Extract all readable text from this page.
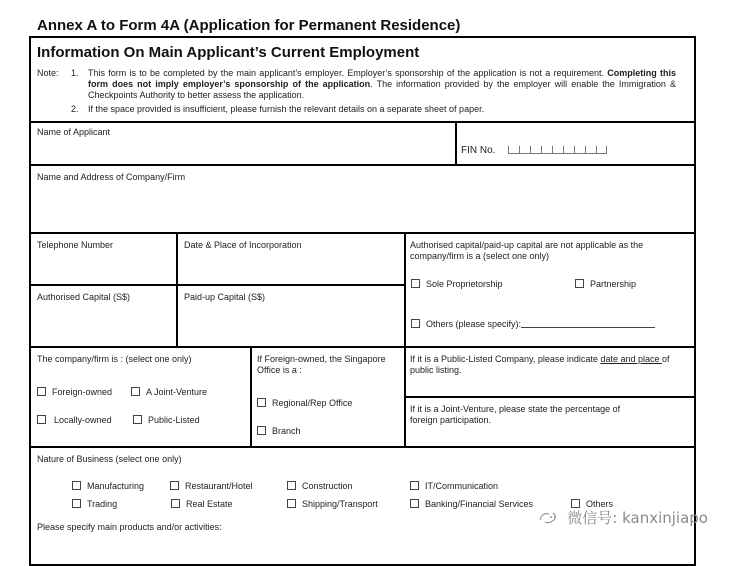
Annex A to Form 4A (Application for Permanent Residence)
Information On Main Applicant’s Current Employment
Note: 1. This form is to be completed by the main applicant’s employer. Employer’s sponsorship of the application is not a requirement. Completing this form does not imply employer’s sponsorship of the application. The information provided by the employer will enable the Immigration & Checkpoints Authority to better assess the application.
2. If the space provided is insufficient, please furnish the relevant details on a separate sheet of paper.
Name of Applicant
FIN No.
Name and Address of Company/Firm
Telephone Number	Date & Place of Incorporation
Authorised Capital (S$)	Paid-up Capital (S$)
Authorised capital/paid-up capital are not applicable as the company/firm is a (select one only)
Sole Proprietorship	Partnership
Others (please specify):
The company/firm is : (select one only)
Foreign-owned	A Joint-Venture
Locally-owned	Public-Listed
If Foreign-owned, the Singapore Office is a :
Regional/Rep Office
Branch
If it is a Public-Listed Company, please indicate date and place of public listing.
If it is a Joint-Venture, please state the percentage of foreign participation.
Nature of Business (select one only)
Manufacturing	Restaurant/Hotel	Construction	IT/Communication
Trading	Real Estate	Shipping/Transport	Banking/Financial Services	Others
Please specify main products and/or activities:	微信号: kanxinjiapo
